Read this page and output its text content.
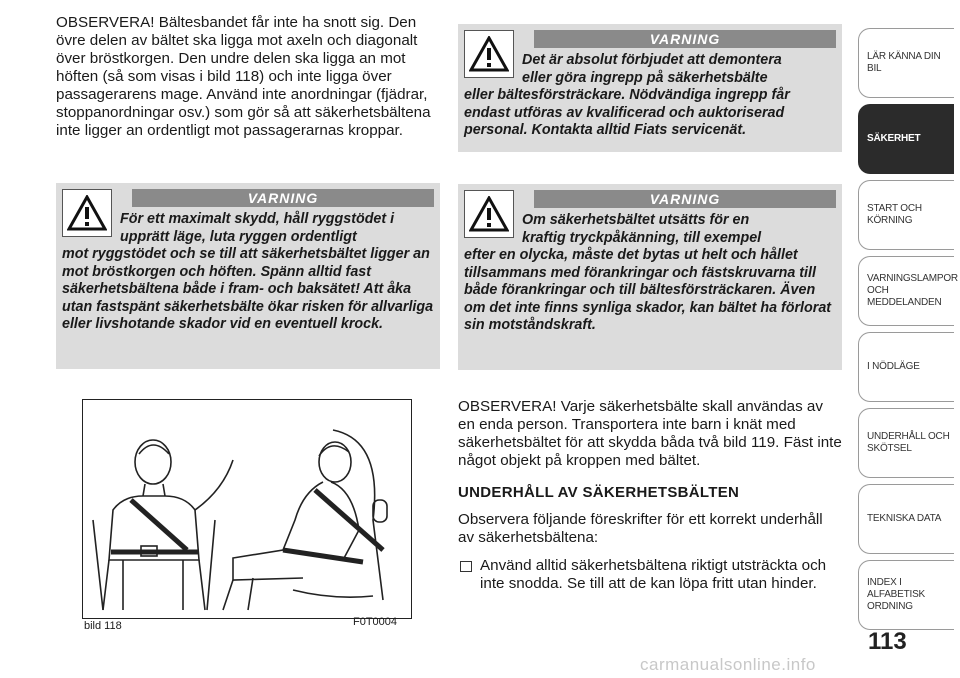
OBSERVERA! Bältesbandet får inte ha snott sig. Den övre delen av bältet ska ligga mot axeln och diagonalt över bröstkorgen. Den undre delen ska ligga an mot höften (så som visas i bild 118) och inte ligga över passagerarens mage. Använd inte anordningar (fjädrar, stoppanordningar osv.) som gör så att säkerhetsbältena inte ligger an ordentligt mot passagerarnas kroppar.

VARNING

För ett maximalt skydd, håll ryggstödet i
upprätt läge, luta ryggen ordentligt
mot ryggstödet och se till att säkerhetsbältet ligger an mot bröstkorgen och höften. Spänn alltid fast säkerhetsbältena både i fram- och baksätet! Att åka utan fastspänt säkerhetsbälte ökar risken för allvarliga eller livshotande skador vid en eventuell krock.

bild 118	F0T0004
VARNING

Det är absolut förbjudet att demontera
eller göra ingrepp på säkerhetsbälte
eller bältesförsträckare. Nödvändiga ingrepp får endast utföras av kvalificerad och auktoriserad personal. Kontakta alltid Fiats servicenät.

VARNING

Om säkerhetsbältet utsätts för en
kraftig tryckpåkänning, till exempel
efter en olycka, måste det bytas ut helt och hållet tillsammans med förankringar och fästskruvarna till både förankringar och till bältesförsträckaren. Även om det inte finns synliga skador, kan bältet ha förlorat sin motståndskraft.

OBSERVERA! Varje säkerhetsbälte skall användas av en enda person. Transportera inte barn i knät med säkerhetsbältet för att skydda båda två bild 119. Fäst inte något objekt på kroppen med bältet.

UNDERHÅLL AV SÄKERHETSBÄLTEN

Observera följande föreskrifter för ett korrekt underhåll av säkerhetsbältena:

Använd alltid säkerhetsbältena riktigt utsträckta och inte snodda. Se till att de kan löpa fritt utan hinder.
LÄR KÄNNA DIN BIL
SÄKERHET
START OCH KÖRNING
VARNINGSLAMPOR OCH MEDDELANDEN
I NÖDLÄGE
UNDERHÅLL OCH SKÖTSEL
TEKNISKA DATA
INDEX I ALFABETISK ORDNING
113
carmanualsonline.info
